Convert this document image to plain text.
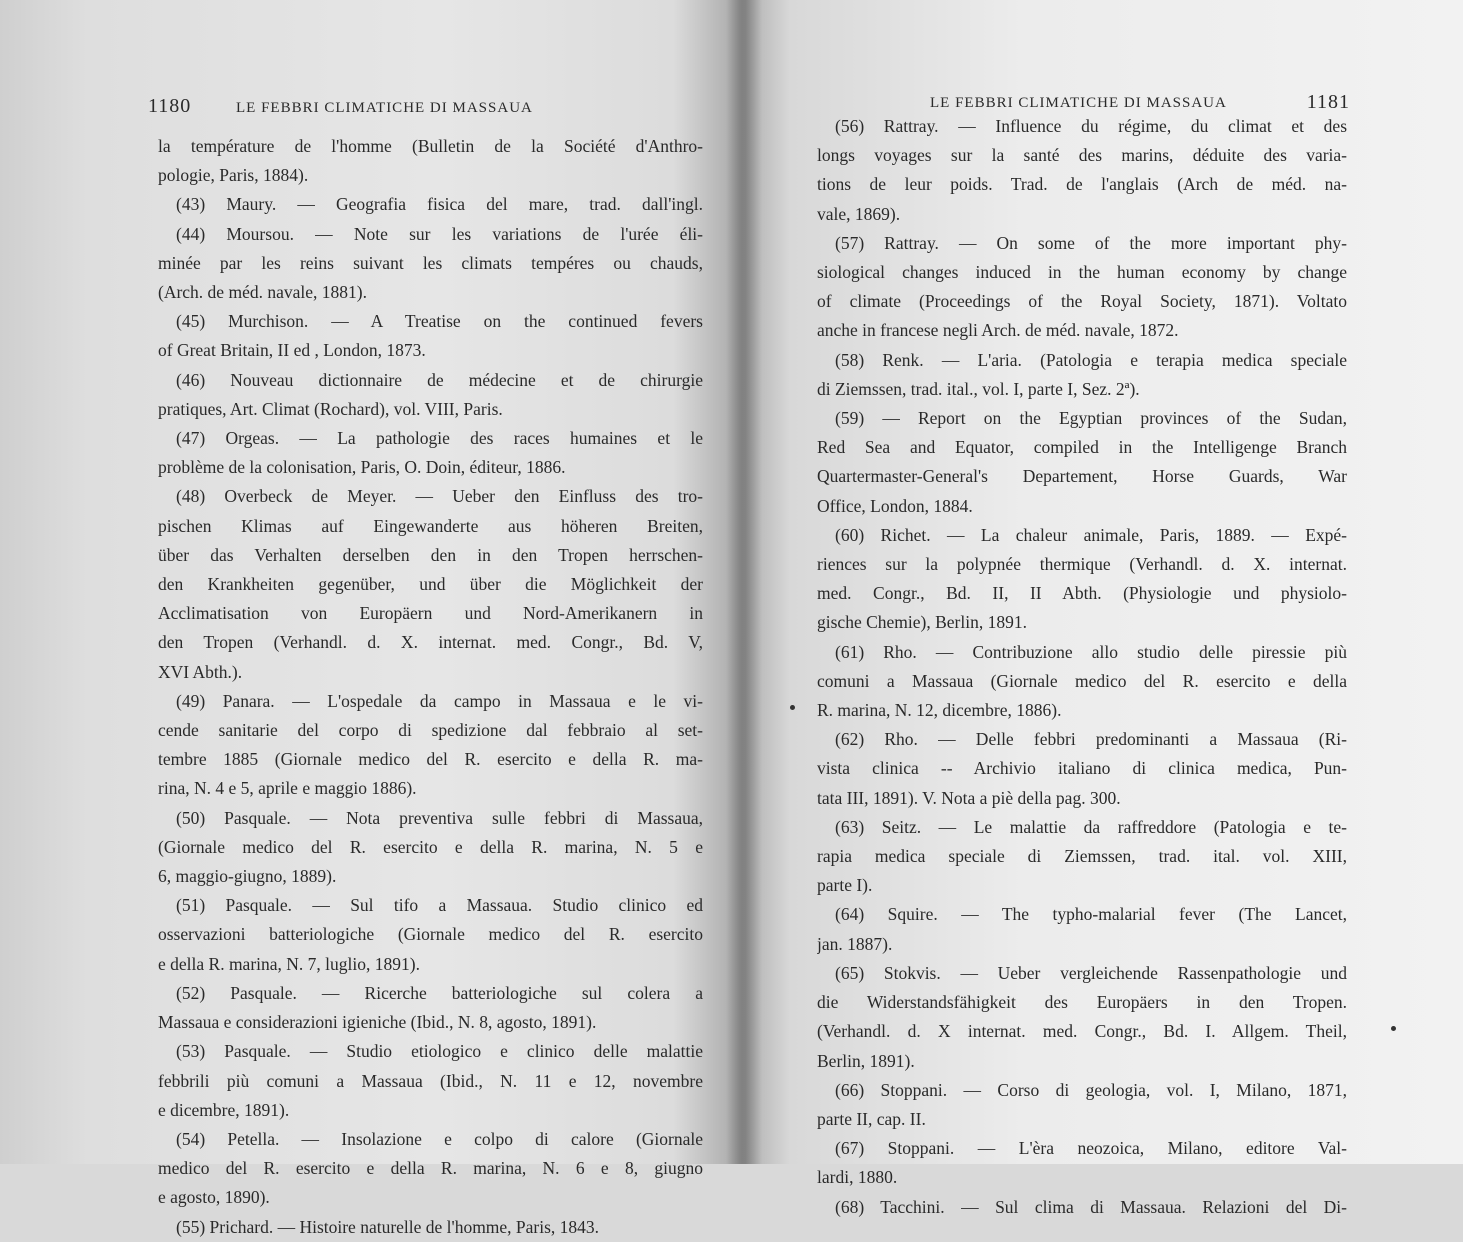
1180	LE FEBBRI CLIMATICHE DI MASSAUA
la température de l'homme (Bulletin de la Société d'Anthro-
pologie, Paris, 1884).
(43) Maury. — Geografia fisica del mare, trad. dall'ingl.
(44) Moursou. — Note sur les variations de l'urée éli-
minée par les reins suivant les climats tempéres ou chauds,
(Arch. de méd. navale, 1881).
(45) Murchison. — A Treatise on the continued fevers
of Great Britain, II ed , London, 1873.
(46) Nouveau dictionnaire de médecine et de chirurgie
pratiques, Art. Climat (Rochard), vol. VIII, Paris.
(47) Orgeas. — La pathologie des races humaines et le
problème de la colonisation, Paris, O. Doin, éditeur, 1886.
(48) Overbeck de Meyer. — Ueber den Einfluss des tro-
pischen Klimas auf Eingewanderte aus höheren Breiten,
über das Verhalten derselben den in den Tropen herrschen-
den Krankheiten gegenüber, und über die Möglichkeit der
Acclimatisation von Europäern und Nord-Amerikanern in
den Tropen (Verhandl. d. X. internat. med. Congr., Bd. V,
XVI Abth.).
(49) Panara. — L'ospedale da campo in Massaua e le vi-
cende sanitarie del corpo di spedizione dal febbraio al set-
tembre 1885 (Giornale medico del R. esercito e della R. ma-
rina, N. 4 e 5, aprile e maggio 1886).
(50) Pasquale. — Nota preventiva sulle febbri di Massaua,
(Giornale medico del R. esercito e della R. marina, N. 5 e
6, maggio-giugno, 1889).
(51) Pasquale. — Sul tifo a Massaua. Studio clinico ed
osservazioni batteriologiche (Giornale medico del R. esercito
e della R. marina, N. 7, luglio, 1891).
(52) Pasquale. — Ricerche batteriologiche sul colera a
Massaua e considerazioni igieniche (Ibid., N. 8, agosto, 1891).
(53) Pasquale. — Studio etiologico e clinico delle malattie
febbrili più comuni a Massaua (Ibid., N. 11 e 12, novembre
e dicembre, 1891).
(54) Petella. — Insolazione e colpo di calore (Giornale
medico del R. esercito e della R. marina, N. 6 e 8, giugno
e agosto, 1890).
(55) Prichard. — Histoire naturelle de l'homme, Paris, 1843.
LE FEBBRI CLIMATICHE DI MASSAUA	1181
(56) Rattray. — Influence du régime, du climat et des
longs voyages sur la santé des marins, déduite des varia-
tions de leur poids. Trad. de l'anglais (Arch de méd. na-
vale, 1869).
(57) Rattray. — On some of the more important phy-
siological changes induced in the human economy by change
of climate (Proceedings of the Royal Society, 1871). Voltato
anche in francese negli Arch. de méd. navale, 1872.
(58) Renk. — L'aria. (Patologia e terapia medica speciale
di Ziemssen, trad. ital., vol. I, parte I, Sez. 2ª).
(59) — Report on the Egyptian provinces of the Sudan,
Red Sea and Equator, compiled in the Intelligenge Branch
Quartermaster-General's Departement, Horse Guards, War
Office, London, 1884.
(60) Richet. — La chaleur animale, Paris, 1889. — Expé-
riences sur la polypnée thermique (Verhandl. d. X. internat.
med. Congr., Bd. II, II Abth. (Physiologie und physiolo-
gische Chemie), Berlin, 1891.
(61) Rho. — Contribuzione allo studio delle piressie più
comuni a Massaua (Giornale medico del R. esercito e della
R. marina, N. 12, dicembre, 1886).
(62) Rho. — Delle febbri predominanti a Massaua (Ri-
vista clinica -- Archivio italiano di clinica medica, Pun-
tata III, 1891). V. Nota a piè della pag. 300.
(63) Seitz. — Le malattie da raffreddore (Patologia e te-
rapia medica speciale di Ziemssen, trad. ital. vol. XIII,
parte I).
(64) Squire. — The typho-malarial fever (The Lancet,
jan. 1887).
(65) Stokvis. — Ueber vergleichende Rassenpathologie und
die Widerstandsfähigkeit des Europäers in den Tropen.
(Verhandl. d. X internat. med. Congr., Bd. I. Allgem. Theil,
Berlin, 1891).
(66) Stoppani. — Corso di geologia, vol. I, Milano, 1871,
parte II, cap. II.
(67) Stoppani. — L'èra neozoica, Milano, editore Val-
lardi, 1880.
(68) Tacchini. — Sul clima di Massaua. Relazioni del Di-
